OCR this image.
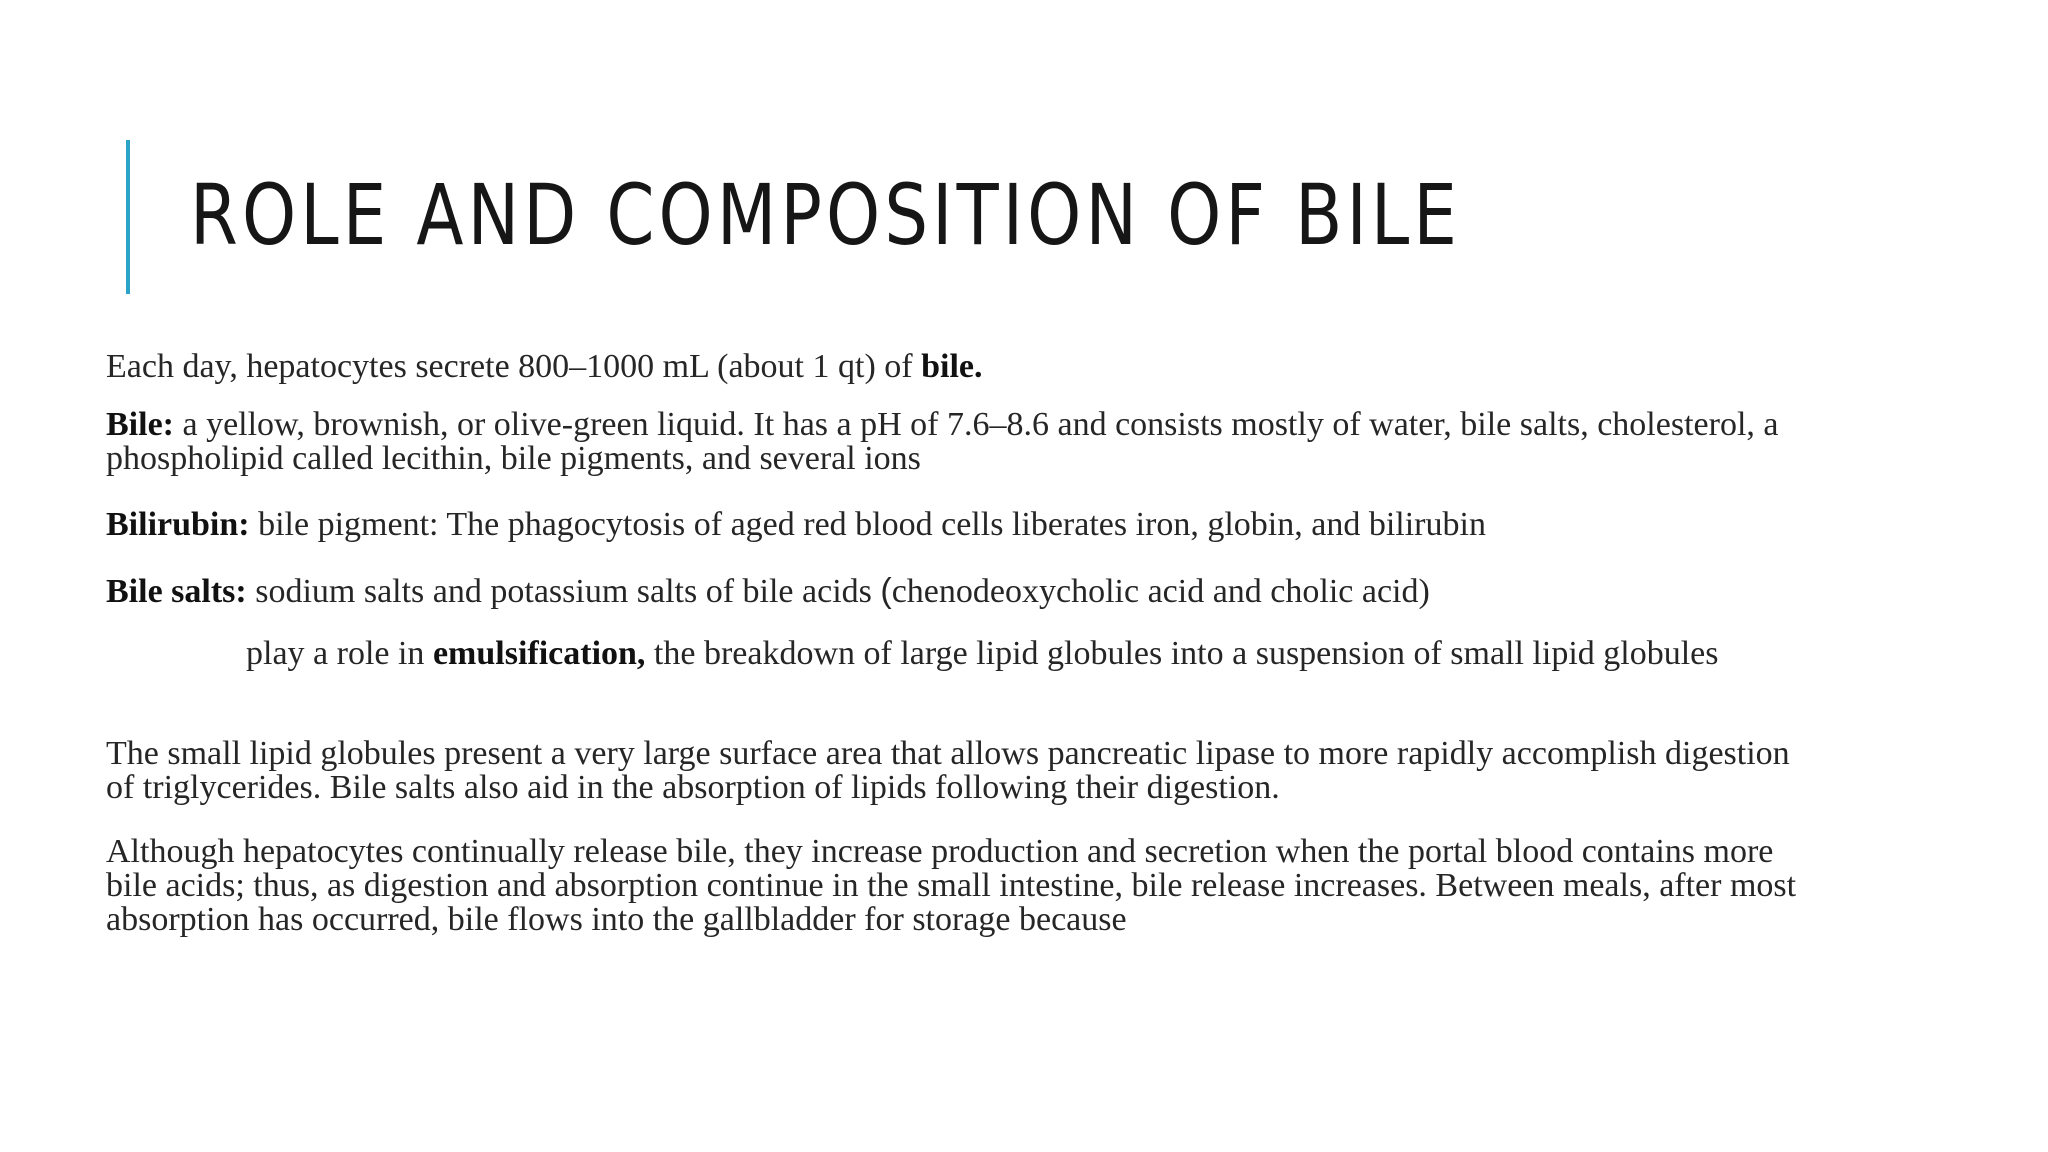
ROLE AND COMPOSITION OF BILE

Each day, hepatocytes secrete 800–1000 mL (about 1 qt) of bile.

Bile: a yellow, brownish, or olive-green liquid. It has a pH of 7.6–8.6 and consists mostly of water, bile salts, cholesterol, a phospholipid called lecithin, bile pigments, and several ions

Bilirubin: bile pigment: The phagocytosis of aged red blood cells liberates iron, globin, and bilirubin

Bile salts: sodium salts and potassium salts of bile acids (chenodeoxycholic acid and cholic acid)

play a role in emulsification, the breakdown of large lipid globules into a suspension of small lipid globules

The small lipid globules present a very large surface area that allows pancreatic lipase to more rapidly accomplish digestion of triglycerides. Bile salts also aid in the absorption of lipids following their digestion.

Although hepatocytes continually release bile, they increase production and secretion when the portal blood contains more bile acids; thus, as digestion and absorption continue in the small intestine, bile release increases. Between meals, after most absorption has occurred, bile flows into the gallbladder for storage because
